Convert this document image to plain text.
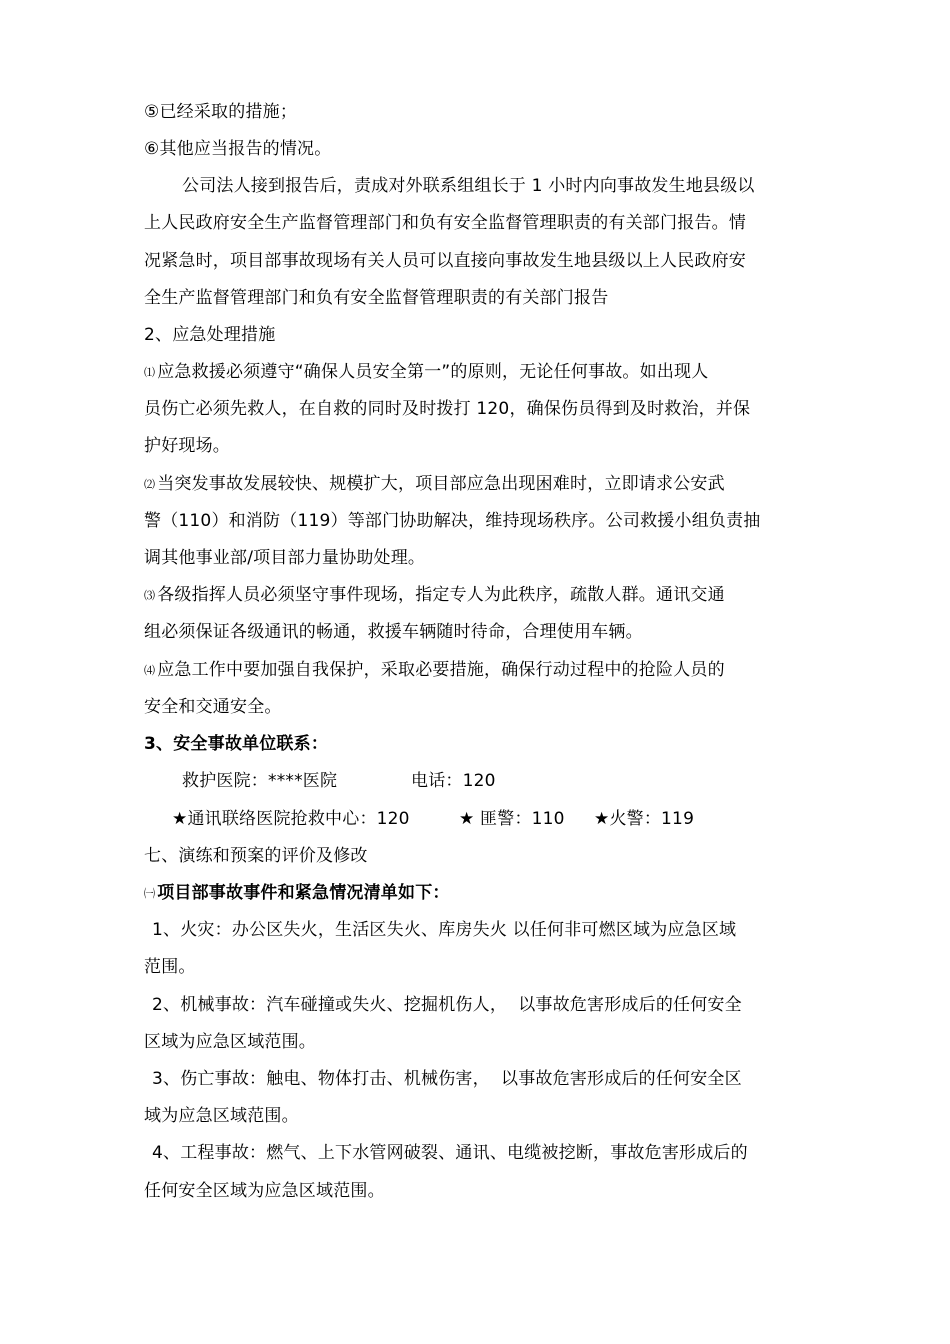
⑤已经采取的措施；
⑥其他应当报告的情况。
公司法人接到报告后，责成对外联系组组长于 1 小时内向事故发生地县级以
上人民政府安全生产监督管理部门和负有安全监督管理职责的有关部门报告。情
况紧急时，项目部事故现场有关人员可以直接向事故发生地县级以上人民政府安
全生产监督管理部门和负有安全监督管理职责的有关部门报告
2、应急处理措施
⑴ 应急救援必须遵守“确保人员安全第一”的原则，无论任何事故。如出现人
员伤亡必须先救人，在自救的同时及时拨打 120，确保伤员得到及时救治，并保
护好现场。
⑵ 当突发事故发展较快、规模扩大，项目部应急出现困难时，立即请求公安武
警（110）和消防（119）等部门协助解决，维持现场秩序。公司救援小组负责抽
调其他事业部/项目部力量协助处理。
⑶ 各级指挥人员必须坚守事件现场，指定专人为此秩序，疏散人群。通讯交通
组必须保证各级通讯的畅通，救援车辆随时待命，合理使用车辆。
⑷ 应急工作中要加强自我保护，采取必要措施，确保行动过程中的抢险人员的
安全和交通安全。
3、安全事故单位联系：
救护医院：****医院	电话：120
★通讯联络医院抢救中心：120	★ 匪警：110 ★火警：119
七、演练和预案的评价及修改
㈠ 项目部事故事件和紧急情况清单如下：
1、火灾：办公区失火，生活区失火、库房失火 以任何非可燃区域为应急区域
范围。
2、机械事故：汽车碰撞或失火、挖掘机伤人，  以事故危害形成后的任何安全
区域为应急区域范围。
3、伤亡事故：触电、物体打击、机械伤害，  以事故危害形成后的任何安全区
域为应急区域范围。
4、工程事故：燃气、上下水管网破裂、通讯、电缆被挖断，事故危害形成后的
任何安全区域为应急区域范围。
